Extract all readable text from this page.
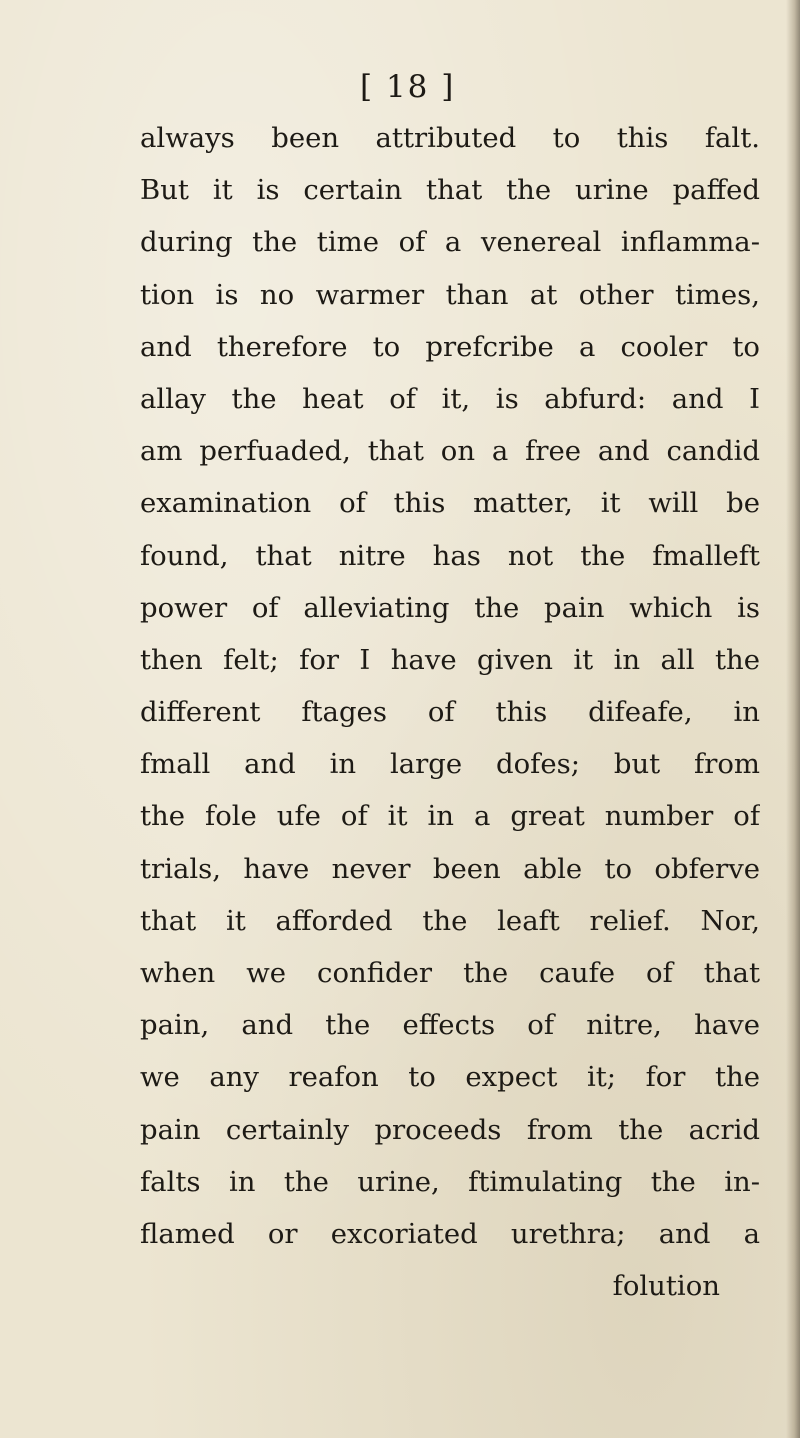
[ 18 ]
always been attributed to this falt.
But it is certain that the urine paffed
during the time of a venereal inflamma-
tion is no warmer than at other times,
and therefore to prefcribe a cooler to
allay the heat of it, is abfurd: and I
am perfuaded, that on a free and candid
examination of this matter, it will be
found, that nitre has not the fmalleft
power of alleviating the pain which is
then felt; for I have given it in all the
different ftages of this difeafe, in
fmall and in large dofes; but from
the fole ufe of it in a great number of
trials, have never been able to obferve
that it afforded the leaft relief. Nor,
when we confider the caufe of that
pain, and the effects of nitre, have
we any reafon to expect it; for the
pain certainly proceeds from the acrid
falts in the urine, ftimulating the in-
flamed or excoriated urethra; and a
folution
